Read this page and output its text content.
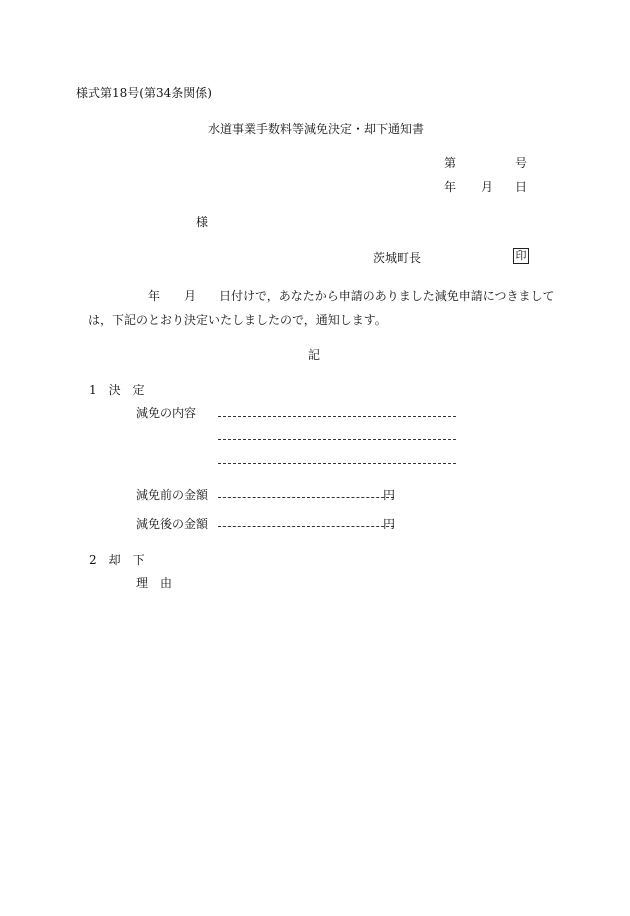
様式第18号(第34条関係)
水道事業手数料等減免決定・却下通知書
第	号
年 月 日
様
茨城町長	印
年 月 日付けで，あなたから申請のありました減免申請につきまして
は，下記のとおり決定いたしましたので，通知します。
記
1　決　定
減免の内容
減免前の金額	円
減免後の金額	円
2　却　下
理　由
